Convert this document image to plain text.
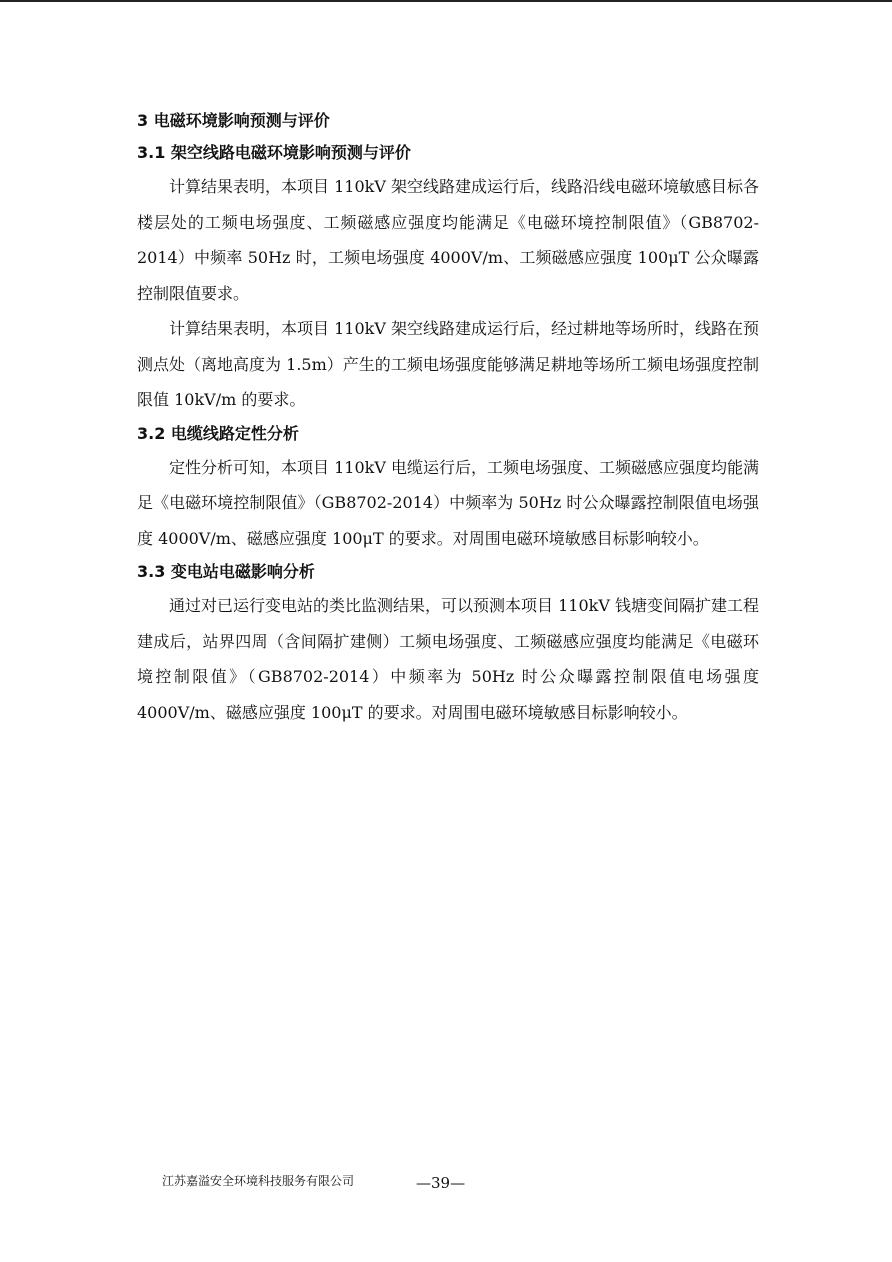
3 电磁环境影响预测与评价
3.1 架空线路电磁环境影响预测与评价

计算结果表明，本项目 110kV 架空线路建成运行后，线路沿线电磁环境敏感目标各楼层处的工频电场强度、工频磁感应强度均能满足《电磁环境控制限值》（GB8702-2014）中频率 50Hz 时，工频电场强度 4000V/m、工频磁感应强度 100μT 公众曝露控制限值要求。

计算结果表明，本项目 110kV 架空线路建成运行后，经过耕地等场所时，线路在预测点处（离地高度为 1.5m）产生的工频电场强度能够满足耕地等场所工频电场强度控制限值 10kV/m 的要求。

3.2 电缆线路定性分析

定性分析可知，本项目 110kV 电缆运行后，工频电场强度、工频磁感应强度均能满足《电磁环境控制限值》（GB8702-2014）中频率为 50Hz 时公众曝露控制限值电场强度 4000V/m、磁感应强度 100μT 的要求。对周围电磁环境敏感目标影响较小。

3.3 变电站电磁影响分析

通过对已运行变电站的类比监测结果，可以预测本项目 110kV 钱塘变间隔扩建工程建成后，站界四周（含间隔扩建侧）工频电场强度、工频磁感应强度均能满足《电磁环境控制限值》（GB8702-2014）中频率为 50Hz 时公众曝露控制限值电场强度 4000V/m、磁感应强度 100μT 的要求。对周围电磁环境敏感目标影响较小。

江苏嘉溢安全环境科技服务有限公司	—39—
